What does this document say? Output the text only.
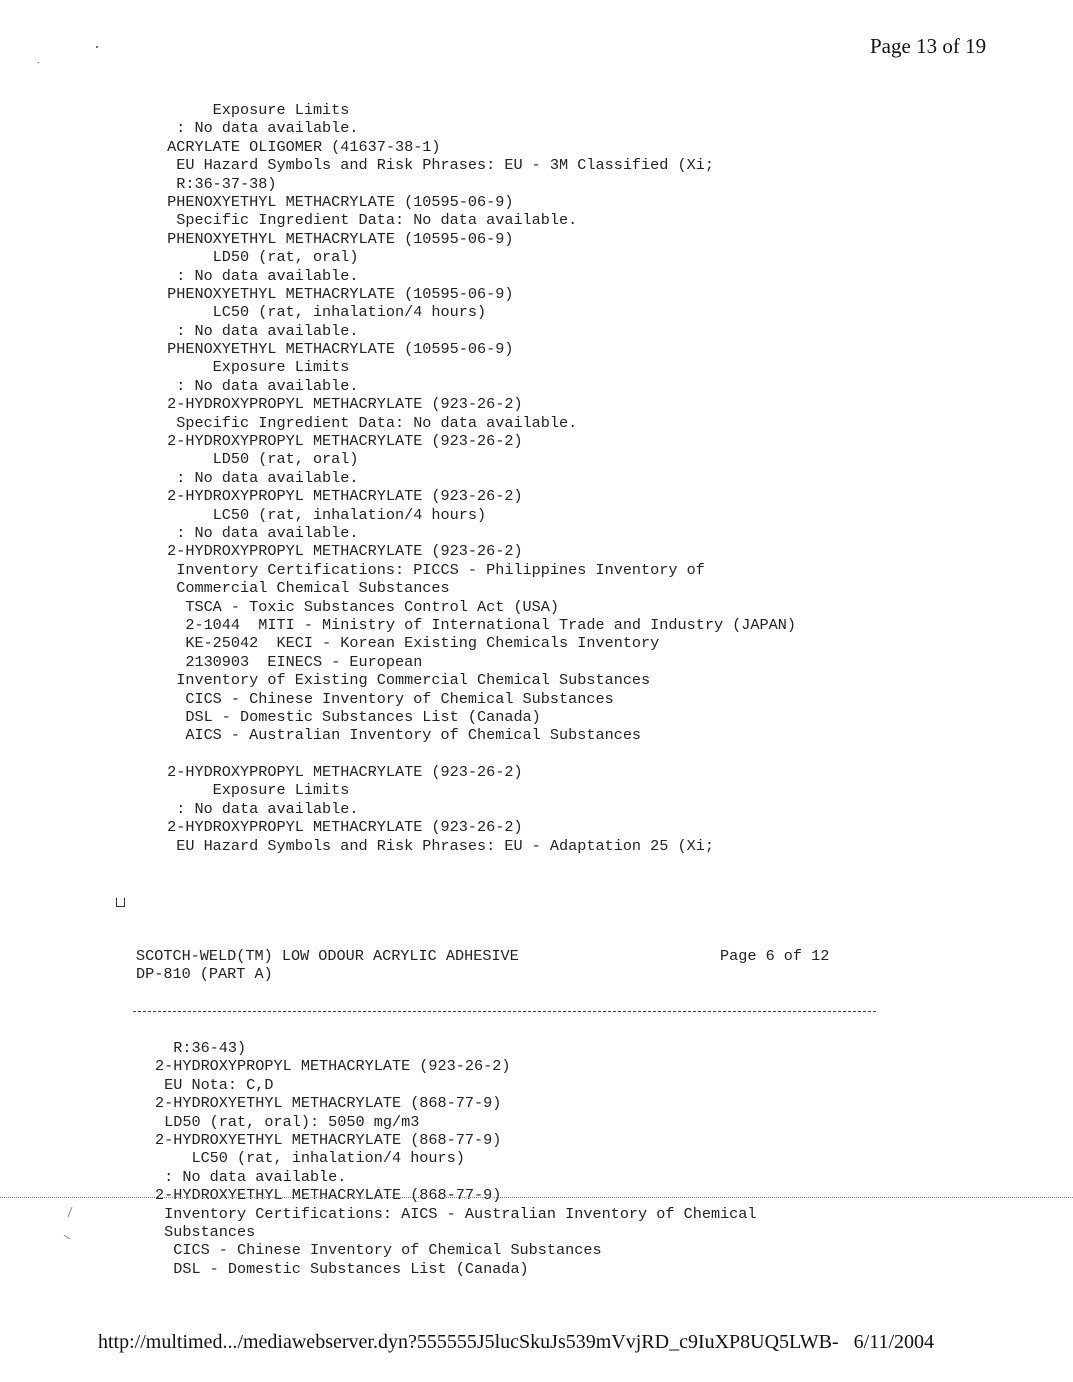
Page 13 of 19
Exposure Limits
: No data available.
ACRYLATE OLIGOMER (41637-38-1)
EU Hazard Symbols and Risk Phrases: EU - 3M Classified (Xi;
R:36-37-38)
PHENOXYETHYL METHACRYLATE (10595-06-9)
Specific Ingredient Data: No data available.
PHENOXYETHYL METHACRYLATE (10595-06-9)
LD50 (rat, oral)
: No data available.
PHENOXYETHYL METHACRYLATE (10595-06-9)
LC50 (rat, inhalation/4 hours)
: No data available.
PHENOXYETHYL METHACRYLATE (10595-06-9)
Exposure Limits
: No data available.
2-HYDROXYPROPYL METHACRYLATE (923-26-2)
Specific Ingredient Data: No data available.
2-HYDROXYPROPYL METHACRYLATE (923-26-2)
LD50 (rat, oral)
: No data available.
2-HYDROXYPROPYL METHACRYLATE (923-26-2)
LC50 (rat, inhalation/4 hours)
: No data available.
2-HYDROXYPROPYL METHACRYLATE (923-26-2)
Inventory Certifications: PICCS - Philippines Inventory of
Commercial Chemical Substances
TSCA - Toxic Substances Control Act (USA)
2-1044  MITI - Ministry of International Trade and Industry (JAPAN)
KE-25042  KECI - Korean Existing Chemicals Inventory
2130903  EINECS - European
Inventory of Existing Commercial Chemical Substances
CICS - Chinese Inventory of Chemical Substances
DSL - Domestic Substances List (Canada)
AICS - Australian Inventory of Chemical Substances
2-HYDROXYPROPYL METHACRYLATE (923-26-2)
Exposure Limits
: No data available.
2-HYDROXYPROPYL METHACRYLATE (923-26-2)
EU Hazard Symbols and Risk Phrases: EU - Adaptation 25 (Xi;
SCOTCH-WELD(TM) LOW ODOUR ACRYLIC ADHESIVE
DP-810 (PART A)
Page 6 of 12
R:36-43)
2-HYDROXYPROPYL METHACRYLATE (923-26-2)
EU Nota: C,D
2-HYDROXYETHYL METHACRYLATE (868-77-9)
LD50 (rat, oral): 5050 mg/m3
2-HYDROXYETHYL METHACRYLATE (868-77-9)
LC50 (rat, inhalation/4 hours)
: No data available.
2-HYDROXYETHYL METHACRYLATE (868-77-9)
Inventory Certifications: AICS - Australian Inventory of Chemical
Substances
CICS - Chinese Inventory of Chemical Substances
DSL - Domestic Substances List (Canada)
http://multimed.../mediawebserver.dyn?555555J5lucSkuJs539mVvjRD_c9IuXP8UQ5LWB-   6/11/2004
